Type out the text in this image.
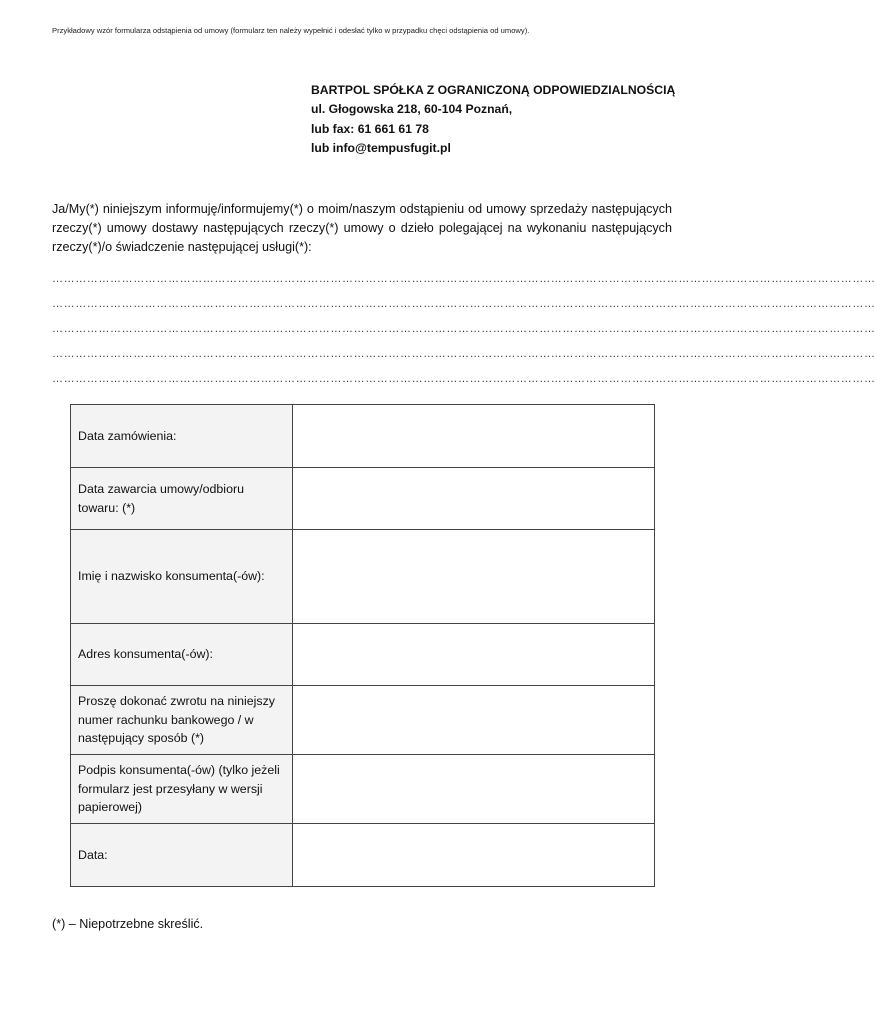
Przykładowy wzór formularza odstąpienia od umowy (formularz ten należy wypełnić i odesłać tylko w przypadku chęci odstąpienia od umowy).
BARTPOL SPÓŁKA Z OGRANICZONĄ ODPOWIEDZIALNOŚCIĄ
ul. Głogowska 218, 60-104 Poznań,
lub fax: 61 661 61 78
lub info@tempusfugit.pl
Ja/My(*) niniejszym informuję/informujemy(*) o moim/naszym odstąpieniu od umowy sprzedaży następujących rzeczy(*) umowy dostawy następujących rzeczy(*) umowy o dzieło polegającej na wykonaniu następujących rzeczy(*)/o świadczenie następującej usługi(*):
……………………………………………………………………………………………………………………………………………………………………………………………
……………………………………………………………………………………………………………………………………………………………………………………………
……………………………………………………………………………………………………………………………………………………………………………………………
……………………………………………………………………………………………………………………………………………………………………………………………
……………………………………………………………………………………………………………………………………………………………………………………………
Data zamówienia:	
Data zawarcia umowy/odbioru towaru: (*)	
Imię i nazwisko konsumenta(-ów):	
Adres konsumenta(-ów):	
Proszę dokonać zwrotu na niniejszy numer rachunku bankowego / w następujący sposób (*)	
Podpis konsumenta(-ów) (tylko jeżeli formularz jest przesyłany w wersji papierowej)	
Data:	
(*) – Niepotrzebne skreślić.
